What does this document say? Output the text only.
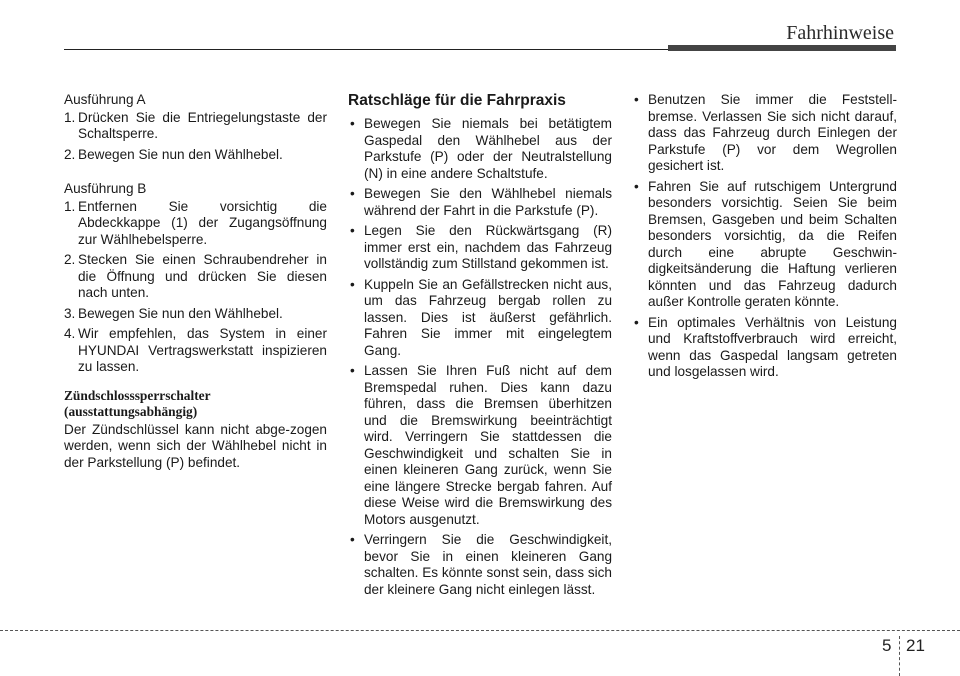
Fahrhinweise

Ausführung A

1. Drücken Sie die Entriegelungstaste der Schaltsperre.
2. Bewegen Sie nun den Wählhebel.

Ausführung B

1. Entfernen Sie vorsichtig die Abdeckkappe (1) der Zugangsöffnung zur Wählhebelsperre.
2. Stecken Sie einen Schraubendreher in die Öffnung und drücken Sie diesen nach unten.
3. Bewegen Sie nun den Wählhebel.
4. Wir empfehlen, das System in einer HYUNDAI Vertragswerkstatt inspizieren zu lassen.
Zündschlosssperrschalter
(ausstattungsabhängig)

Der Zündschlüssel kann nicht abge-zogen werden, wenn sich der Wählhebel nicht in der Parkstellung (P) befindet.

Ratschläge für die Fahrpraxis
• Bewegen Sie niemals bei betätigtem Gaspedal den Wählhebel aus der Parkstufe (P) oder der Neutralstellung (N) in eine andere Schaltstufe.
• Bewegen Sie den Wählhebel niemals während der Fahrt in die Parkstufe (P).
• Legen Sie den Rückwärtsgang (R) immer erst ein, nachdem das Fahrzeug vollständig zum Stillstand gekommen ist.
• Kuppeln Sie an Gefällstrecken nicht aus, um das Fahrzeug bergab rollen zu lassen. Dies ist äußerst gefährlich. Fahren Sie immer mit eingelegtem Gang.
• Lassen Sie Ihren Fuß nicht auf dem Bremspedal ruhen. Dies kann dazu führen, dass die Bremsen überhitzen und die Bremswirkung beeinträchtigt wird. Verringern Sie stattdessen die Geschwindigkeit und schalten Sie in einen kleineren Gang zurück, wenn Sie eine längere Strecke bergab fahren. Auf diese Weise wird die Bremswirkung des Motors ausgenutzt.
• Verringern Sie die Geschwindigkeit, bevor Sie in einen kleineren Gang schalten. Es könnte sonst sein, dass sich der kleinere Gang nicht einlegen lässt.
• Benutzen Sie immer die Feststell-bremse. Verlassen Sie sich nicht darauf, dass das Fahrzeug durch Einlegen der Parkstufe (P) vor dem Wegrollen gesichert ist.
• Fahren Sie auf rutschigem Untergrund besonders vorsichtig. Seien Sie beim Bremsen, Gasgeben und beim Schalten besonders vorsichtig, da die Reifen durch eine abrupte Geschwin-digkeitsänderung die Haftung verlieren könnten und das Fahrzeug dadurch außer Kontrolle geraten könnte.
• Ein optimales Verhältnis von Leistung und Kraftstoffverbrauch wird erreicht, wenn das Gaspedal langsam getreten und losgelassen wird.
5 21
